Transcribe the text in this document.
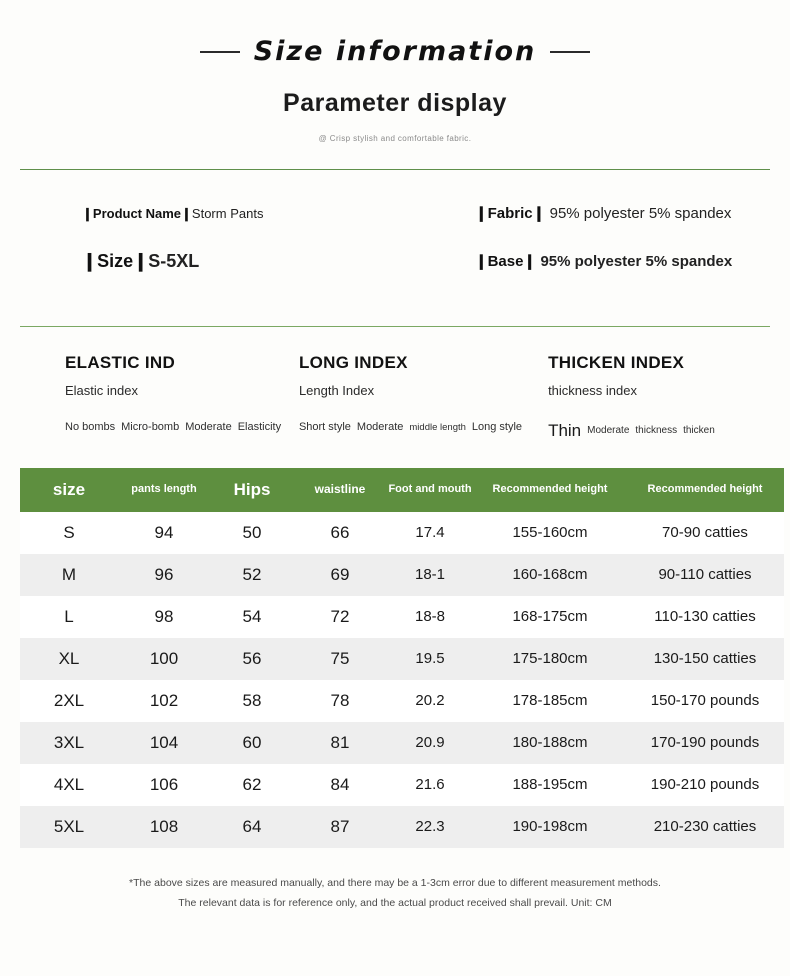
Size information
Parameter display
@ Crisp stylish and comfortable fabric.
❙Product Name❙Storm Pants	❙Fabric❙ 95% polyester 5% spandex
❙Size❙S-5XL	❙Base❙ 95% polyester 5% spandex
ELASTIC IND
Elastic index
No bombs Micro-bomb Moderate Elasticity
LONG INDEX
Length Index
Short style Moderate middle length Long style
THICKEN INDEX
thickness index
Thin Moderate thickness thicken
size	pants length	Hips	waistline	Foot and mouth	Recommended height	Recommended height
S	94	50	66	17.4	155-160cm	70-90 catties
M	96	52	69	18-1	160-168cm	90-110 catties
L	98	54	72	18-8	168-175cm	110-130 catties
XL	100	56	75	19.5	175-180cm	130-150 catties
2XL	102	58	78	20.2	178-185cm	150-170 pounds
3XL	104	60	81	20.9	180-188cm	170-190 pounds
4XL	106	62	84	21.6	188-195cm	190-210 pounds
5XL	108	64	87	22.3	190-198cm	210-230 catties
*The above sizes are measured manually, and there may be a 1-3cm error due to different measurement methods.
The relevant data is for reference only, and the actual product received shall prevail. Unit: CM
